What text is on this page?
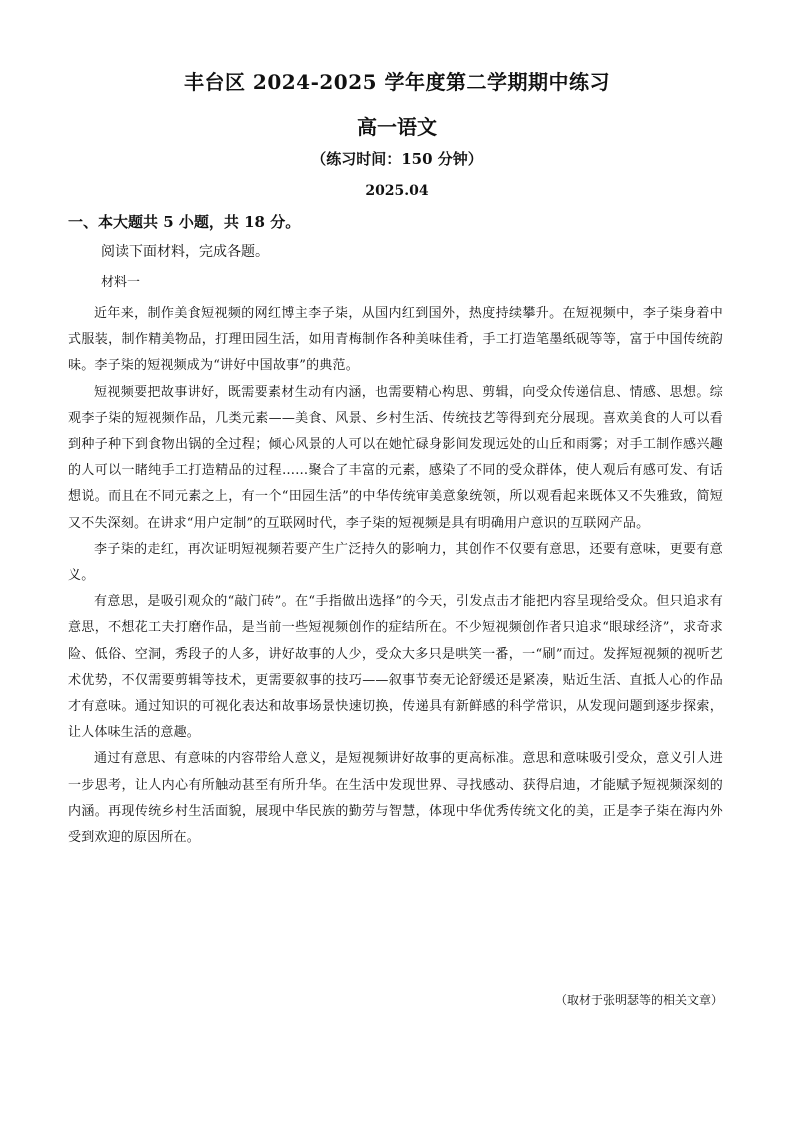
丰台区 2024-2025 学年度第二学期期中练习
高一语文
（练习时间：150 分钟）
2025.04
一、本大题共 5 小题，共 18 分。
阅读下面材料，完成各题。
材料一

近年来，制作美食短视频的网红博主李子柒，从国内红到国外，热度持续攀升。在短视频中，李子柒身着中式服装，制作精美物品，打理田园生活，如用青梅制作各种美味佳肴，手工打造笔墨纸砚等等，富于中国传统韵味。李子柒的短视频成为“讲好中国故事”的典范。

短视频要把故事讲好，既需要素材生动有内涵，也需要精心构思、剪辑，向受众传递信息、情感、思想。综观李子柒的短视频作品，几类元素——美食、风景、乡村生活、传统技艺等得到充分展现。喜欢美食的人可以看到种子种下到食物出锅的全过程；倾心风景的人可以在她忙碌身影间发现远处的山丘和雨雾；对手工制作感兴趣的人可以一睹纯手工打造精品的过程……聚合了丰富的元素，感染了不同的受众群体，使人观后有感可发、有话想说。而且在不同元素之上，有一个“田园生活”的中华传统审美意象统领，所以观看起来既体又不失雅致，简短又不失深刻。在讲求“用户定制”的互联网时代，李子柒的短视频是具有明确用户意识的互联网产品。

李子柒的走红，再次证明短视频若要产生广泛持久的影响力，其创作不仅要有意思，还要有意味，更要有意义。

有意思，是吸引观众的“敲门砖”。在“手指做出选择”的今天，引发点击才能把内容呈现给受众。但只追求有意思，不想花工夫打磨作品，是当前一些短视频创作的症结所在。不少短视频创作者只追求“眼球经济”，求奇求险、低俗、空洞，秀段子的人多，讲好故事的人少，受众大多只是哄笑一番，一“刷”而过。发挥短视频的视听艺术优势，不仅需要剪辑等技术，更需要叙事的技巧——叙事节奏无论舒缓还是紧凑，贴近生活、直抵人心的作品才有意味。通过知识的可视化表达和故事场景快速切换，传递具有新鲜感的科学常识，从发现问题到逐步探索，让人体味生活的意趣。

通过有意思、有意味的内容带给人意义，是短视频讲好故事的更高标准。意思和意味吸引受众，意义引人进一步思考，让人内心有所触动甚至有所升华。在生活中发现世界、寻找感动、获得启迪，才能赋予短视频深刻的内涵。再现传统乡村生活面貌，展现中华民族的勤劳与智慧，体现中华优秀传统文化的美，正是李子柒在海内外受到欢迎的原因所在。

（取材于张明瑟等的相关文章）
